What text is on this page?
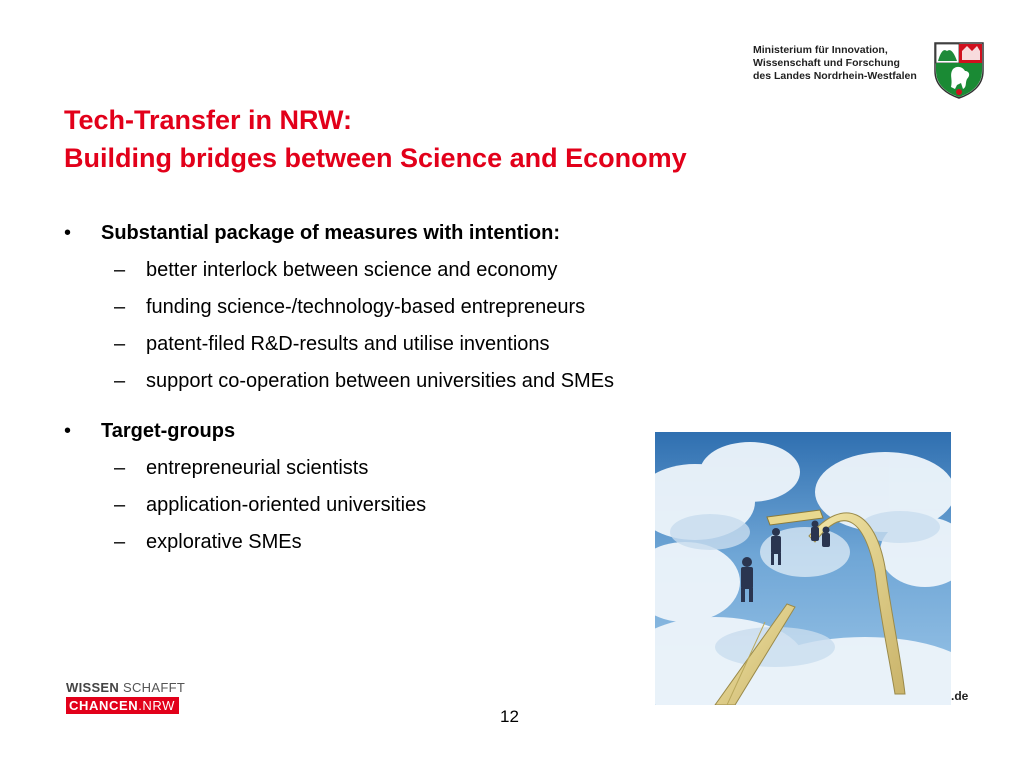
Ministerium für Innovation,
Wissenschaft und Forschung
des Landes Nordrhein-Westfalen
Tech-Transfer in NRW:
Building bridges between Science and Economy
• Substantial package of measures with intention:
– better interlock between science and economy
– funding science-/technology-based entrepreneurs
– patent-filed R&D-results and utilise inventions
– support co-operation between universities and SMEs
• Target-groups
– entrepreneurial scientists
– application-oriented universities
– explorative SMEs
.de
WISSEN SCHAFFT
CHANCEN.NRW
12
